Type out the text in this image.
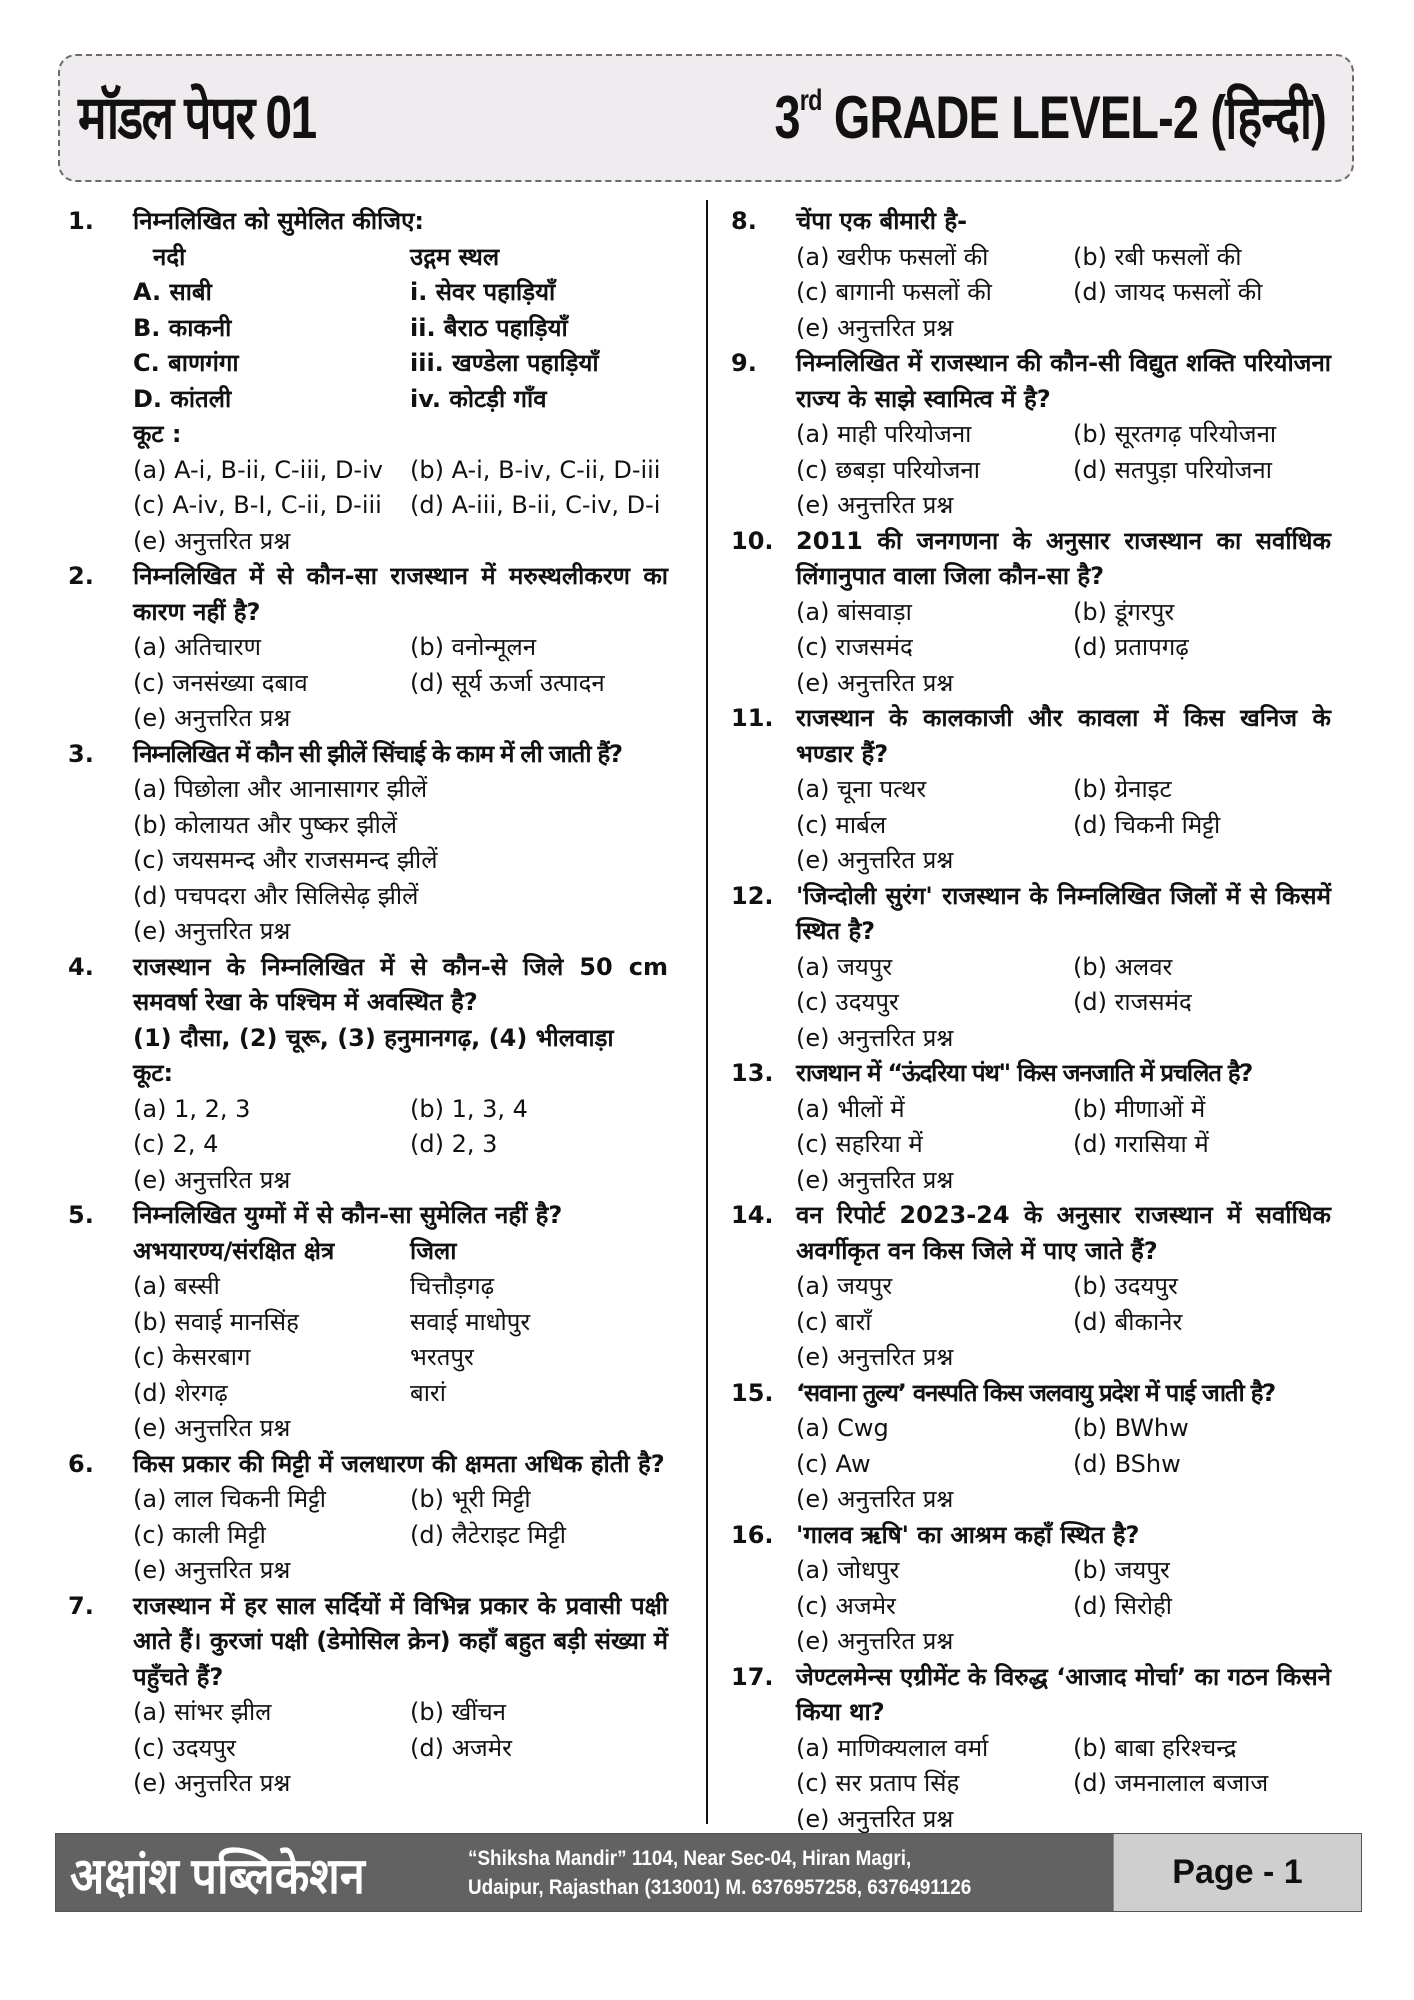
मॉडल पेपर 01	3rd GRADE LEVEL-2 (हिन्दी)
1.	निम्नलिखित को सुमेलित कीजिए:
नदी	उद्गम स्थल
A. साबी	i. सेवर पहाड़ियाँ
B. काकनी	ii. बैराठ पहाड़ियाँ
C. बाणगंगा	iii. खण्डेला पहाड़ियाँ
D. कांतली	iv. कोटड़ी गाँव
कूट :
(a) A-i, B-ii, C-iii, D-iv	(b) A-i, B-iv, C-ii, D-iii
(c) A-iv, B-I, C-ii, D-iii	(d) A-iii, B-ii, C-iv, D-i
(e) अनुत्तरित प्रश्न
2.	निम्नलिखित में से कौन-सा राजस्थान में मरुस्थलीकरण का कारण नहीं है?
(a) अतिचारण	(b) वनोन्मूलन
(c) जनसंख्या दबाव	(d) सूर्य ऊर्जा उत्पादन
(e) अनुत्तरित प्रश्न
3.	निम्नलिखित में कौन सी झीलें सिंचाई के काम में ली जाती हैं?
(a) पिछोला और आनासागर झीलें
(b) कोलायत और पुष्कर झीलें
(c) जयसमन्द और राजसमन्द झीलें
(d) पचपदरा और सिलिसेढ़ झीलें
(e) अनुत्तरित प्रश्न
4.	राजस्थान के निम्नलिखित में से कौन-से जिले 50 cm समवर्षा रेखा के पश्चिम में अवस्थित है?
(1) दौसा, (2) चूरू, (3) हनुमानगढ़, (4) भीलवाड़ा
कूट:
(a) 1, 2, 3	(b) 1, 3, 4
(c) 2, 4	(d) 2, 3
(e) अनुत्तरित प्रश्न
5.	निम्नलिखित युग्मों में से कौन-सा सुमेलित नहीं है?
अभयारण्य/संरक्षित क्षेत्र	जिला
(a) बस्सी	चित्तौड़गढ़
(b) सवाई मानसिंह	सवाई माधोपुर
(c) केसरबाग	भरतपुर
(d) शेरगढ़	बारां
(e) अनुत्तरित प्रश्न
6.	किस प्रकार की मिट्टी में जलधारण की क्षमता अधिक होती है?
(a) लाल चिकनी मिट्टी	(b) भूरी मिट्टी
(c) काली मिट्टी	(d) लैटेराइट मिट्टी
(e) अनुत्तरित प्रश्न
7.	राजस्थान में हर साल सर्दियों में विभिन्न प्रकार के प्रवासी पक्षी आते हैं। कुरजां पक्षी (डेमोसिल क्रेन) कहाँ बहुत बड़ी संख्या में पहुँचते हैं?
(a) सांभर झील	(b) खींचन
(c) उदयपुर	(d) अजमेर
(e) अनुत्तरित प्रश्न
8.	चेंपा एक बीमारी है-
(a) खरीफ फसलों की	(b) रबी फसलों की
(c) बागानी फसलों की	(d) जायद फसलों की
(e) अनुत्तरित प्रश्न
9.	निम्नलिखित में राजस्थान की कौन-सी विद्युत शक्ति परियोजना राज्य के साझे स्वामित्व में है?
(a) माही परियोजना	(b) सूरतगढ़ परियोजना
(c) छबड़ा परियोजना	(d) सतपुड़ा परियोजना
(e) अनुत्तरित प्रश्न
10. 2011 की जनगणना के अनुसार राजस्थान का सर्वाधिक लिंगानुपात वाला जिला कौन-सा है?
(a) बांसवाड़ा	(b) डूंगरपुर
(c) राजसमंद	(d) प्रतापगढ़
(e) अनुत्तरित प्रश्न
11. राजस्थान के कालकाजी और कावला में किस खनिज के भण्डार हैं?
(a) चूना पत्थर	(b) ग्रेनाइट
(c) मार्बल	(d) चिकनी मिट्टी
(e) अनुत्तरित प्रश्न
12. 'जिन्दोली सुरंग' राजस्थान के निम्नलिखित जिलों में से किसमें स्थित है?
(a) जयपुर	(b) अलवर
(c) उदयपुर	(d) राजसमंद
(e) अनुत्तरित प्रश्न
13. राजथान में “ऊंदरिया पंथ" किस जनजाति में प्रचलित है?
(a) भीलों में	(b) मीणाओं में
(c) सहरिया में	(d) गरासिया में
(e) अनुत्तरित प्रश्न
14. वन रिपोर्ट 2023-24 के अनुसार राजस्थान में सर्वाधिक अवर्गीकृत वन किस जिले में पाए जाते हैं?
(a) जयपुर	(b) उदयपुर
(c) बाराँ	(d) बीकानेर
(e) अनुत्तरित प्रश्न
15. ‘सवाना तुल्य’ वनस्पति किस जलवायु प्रदेश में पाई जाती है?
(a) Cwg	(b) BWhw
(c) Aw	(d) BShw
(e) अनुत्तरित प्रश्न
16. 'गालव ऋषि' का आश्रम कहाँ स्थित है?
(a) जोधपुर	(b) जयपुर
(c) अजमेर	(d) सिरोही
(e) अनुत्तरित प्रश्न
17. जेण्टलमेन्स एग्रीमेंट के विरुद्ध ‘आजाद मोर्चा’ का गठन किसने किया था?
(a) माणिक्यलाल वर्मा	(b) बाबा हरिश्चन्द्र
(c) सर प्रताप सिंह	(d) जमनालाल बजाज
(e) अनुत्तरित प्रश्न
अक्षांश पब्लिकेशन	“Shiksha Mandir” 1104, Near Sec-04, Hiran Magri,
Udaipur, Rajasthan (313001) M. 6376957258, 6376491126	Page - 1
